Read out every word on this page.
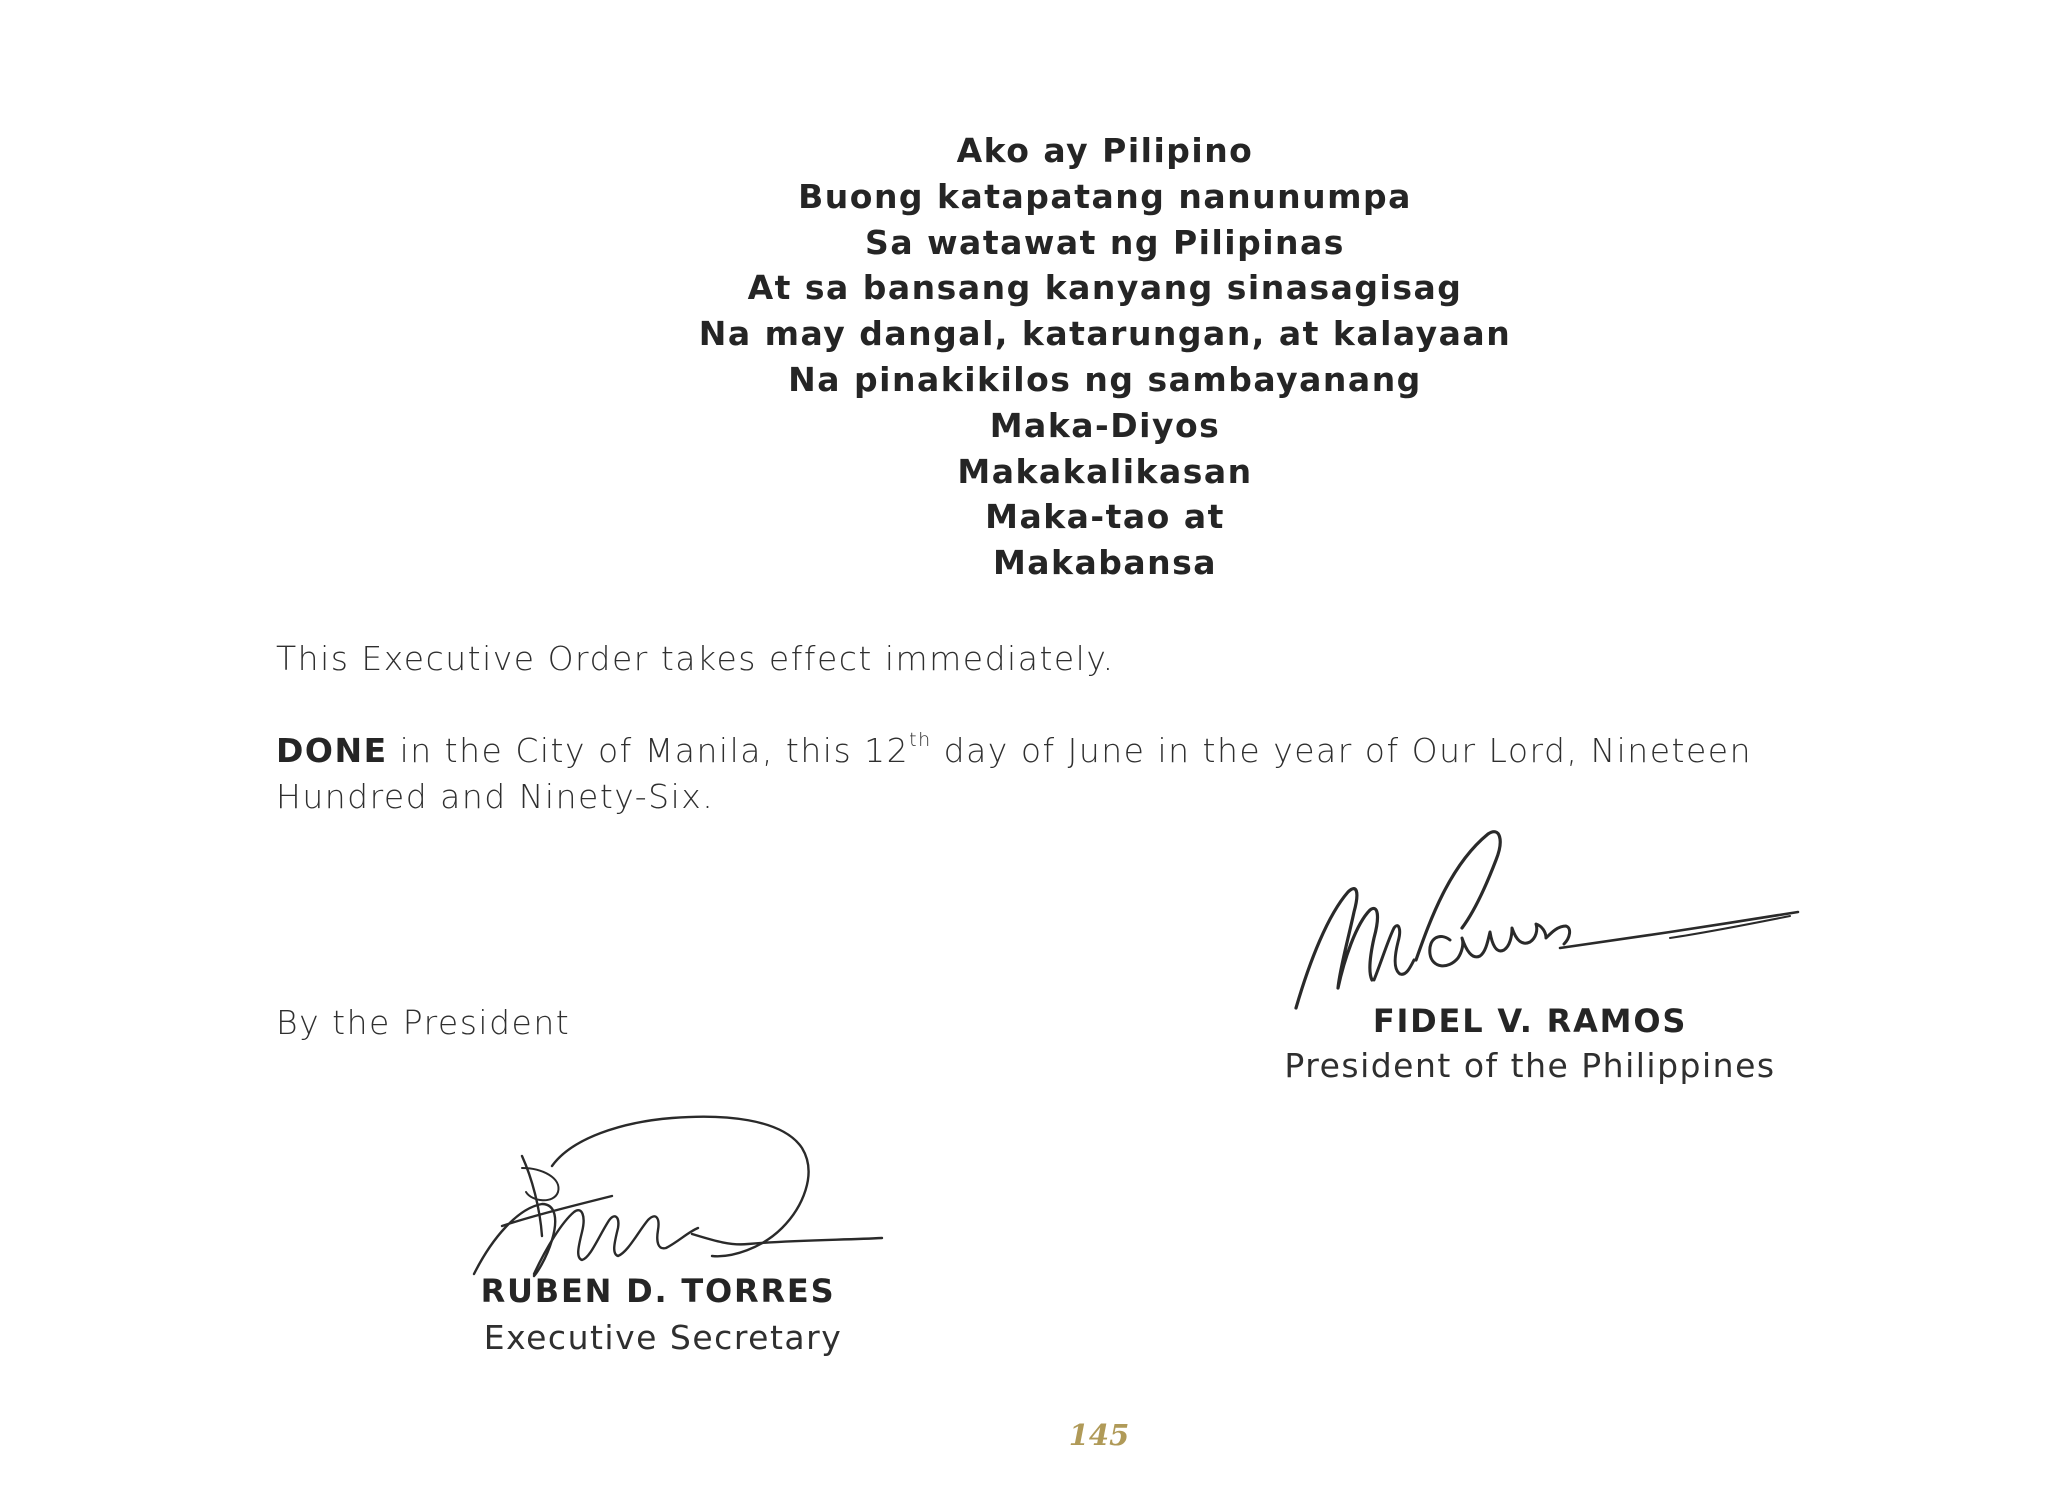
Ako ay Pilipino
Buong katapatang nanunumpa
Sa watawat ng Pilipinas
At sa bansang kanyang sinasagisag
Na may dangal, katarungan, at kalayaan
Na pinakikilos ng sambayanang
Maka-Diyos
Makakalikasan
Maka-tao at
Makabansa
This Executive Order takes effect immediately.
DONE in the City of Manila, this 12th day of June in the year of Our Lord, Nineteen
Hundred and Ninety-Six.
By the President	FIDEL V. RAMOS
President of the Philippines
RUBEN D. TORRES
Executive Secretary
145
